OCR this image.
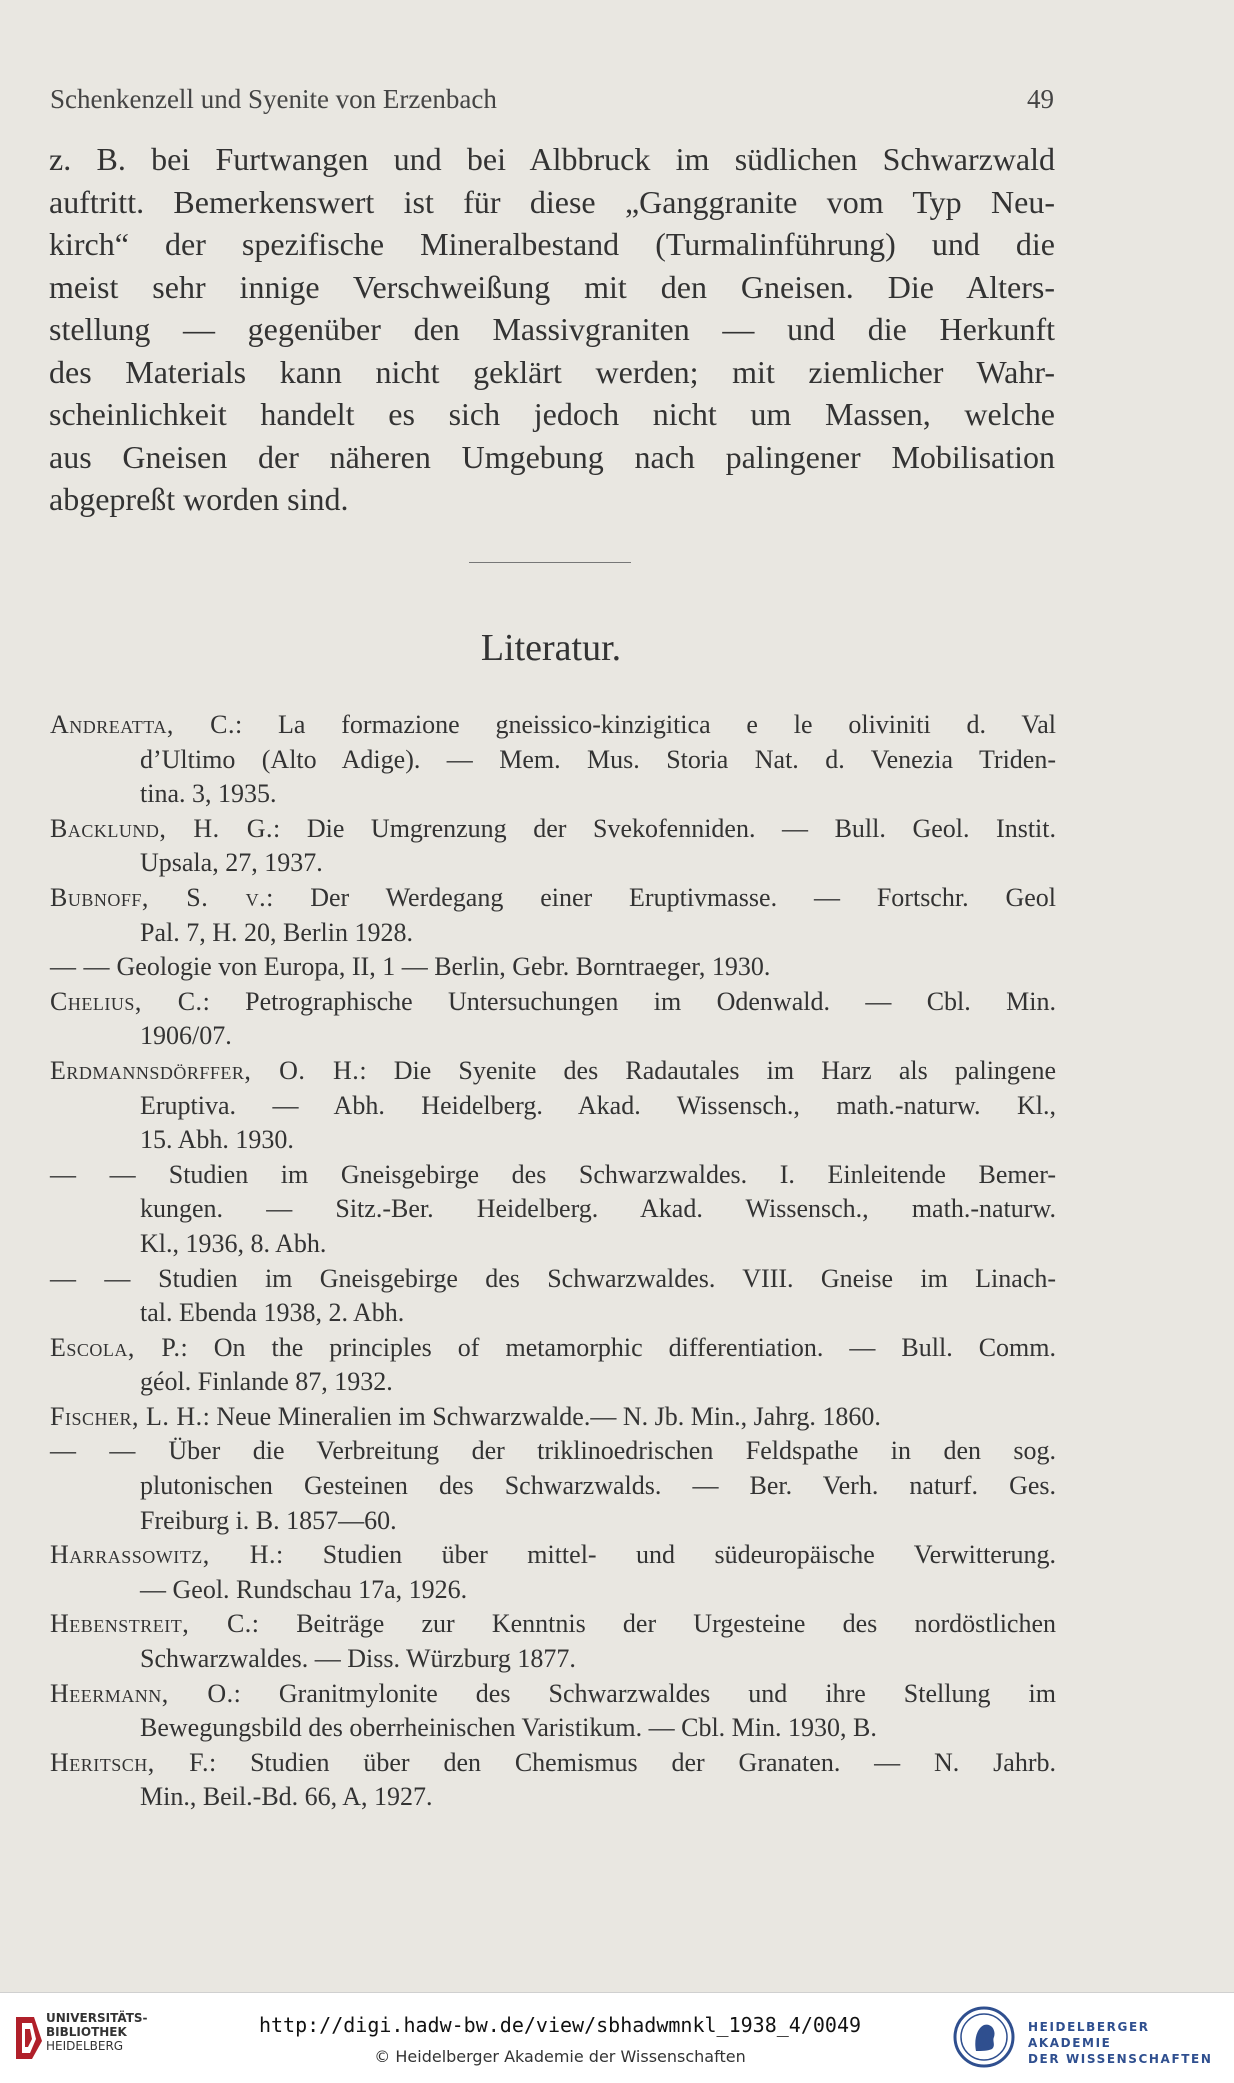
Schenkenzell und Syenite von Erzenbach	49
z. B. bei Furtwangen und bei Albbruck im südlichen Schwarzwald
auftritt. Bemerkenswert ist für diese „Ganggranite vom Typ Neu-
kirch“ der spezifische Mineralbestand (Turmalinführung) und die
meist sehr innige Verschweißung mit den Gneisen. Die Alters-
stellung — gegenüber den Massivgraniten — und die Herkunft
des Materials kann nicht geklärt werden; mit ziemlicher Wahr-
scheinlichkeit handelt es sich jedoch nicht um Massen, welche
aus Gneisen der näheren Umgebung nach palingener Mobilisation
abgepreßt worden sind.
Literatur.
Andreatta, C.: La formazione gneissico-kinzigitica e le oliviniti d. Val
d’Ultimo (Alto Adige). — Mem. Mus. Storia Nat. d. Venezia Triden-
tina. 3, 1935.
Backlund, H. G.: Die Umgrenzung der Svekofenniden. — Bull. Geol. Instit.
Upsala, 27, 1937.
Bubnoff, S. v.: Der Werdegang einer Eruptivmasse. — Fortschr. Geol
Pal. 7, H. 20, Berlin 1928.
— — Geologie von Europa, II, 1 — Berlin, Gebr. Borntraeger, 1930.
Chelius, C.: Petrographische Untersuchungen im Odenwald. — Cbl. Min.
1906/07.
Erdmannsdörffer, O. H.: Die Syenite des Radautales im Harz als palingene
Eruptiva. — Abh. Heidelberg. Akad. Wissensch., math.-naturw. Kl.,
15. Abh. 1930.
— — Studien im Gneisgebirge des Schwarzwaldes. I. Einleitende Bemer-
kungen. — Sitz.-Ber. Heidelberg. Akad. Wissensch., math.-naturw.
Kl., 1936, 8. Abh.
— — Studien im Gneisgebirge des Schwarzwaldes. VIII. Gneise im Linach-
tal. Ebenda 1938, 2. Abh.
Escola, P.: On the principles of metamorphic differentiation. — Bull. Comm.
géol. Finlande 87, 1932.
Fischer, L. H.: Neue Mineralien im Schwarzwalde.— N. Jb. Min., Jahrg. 1860.
— — Über die Verbreitung der triklinoedrischen Feldspathe in den sog.
plutonischen Gesteinen des Schwarzwalds. — Ber. Verh. naturf. Ges.
Freiburg i. B. 1857—60.
Harrassowitz, H.: Studien über mittel- und südeuropäische Verwitterung.
— Geol. Rundschau 17a, 1926.
Hebenstreit, C.: Beiträge zur Kenntnis der Urgesteine des nordöstlichen
Schwarzwaldes. — Diss. Würzburg 1877.
Heermann, O.: Granitmylonite des Schwarzwaldes und ihre Stellung im
Bewegungsbild des oberrheinischen Varistikum. — Cbl. Min. 1930, B.
Heritsch, F.: Studien über den Chemismus der Granaten. — N. Jahrb.
Min., Beil.-Bd. 66, A, 1927.
UNIVERSITÄTS-
BIBLIOTHEK
HEIDELBERG
http://digi.hadw-bw.de/view/sbhadwmnkl_1938_4/0049
© Heidelberger Akademie der Wissenschaften
HEIDELBERGER AKADEMIE
DER WISSENSCHAFTEN
